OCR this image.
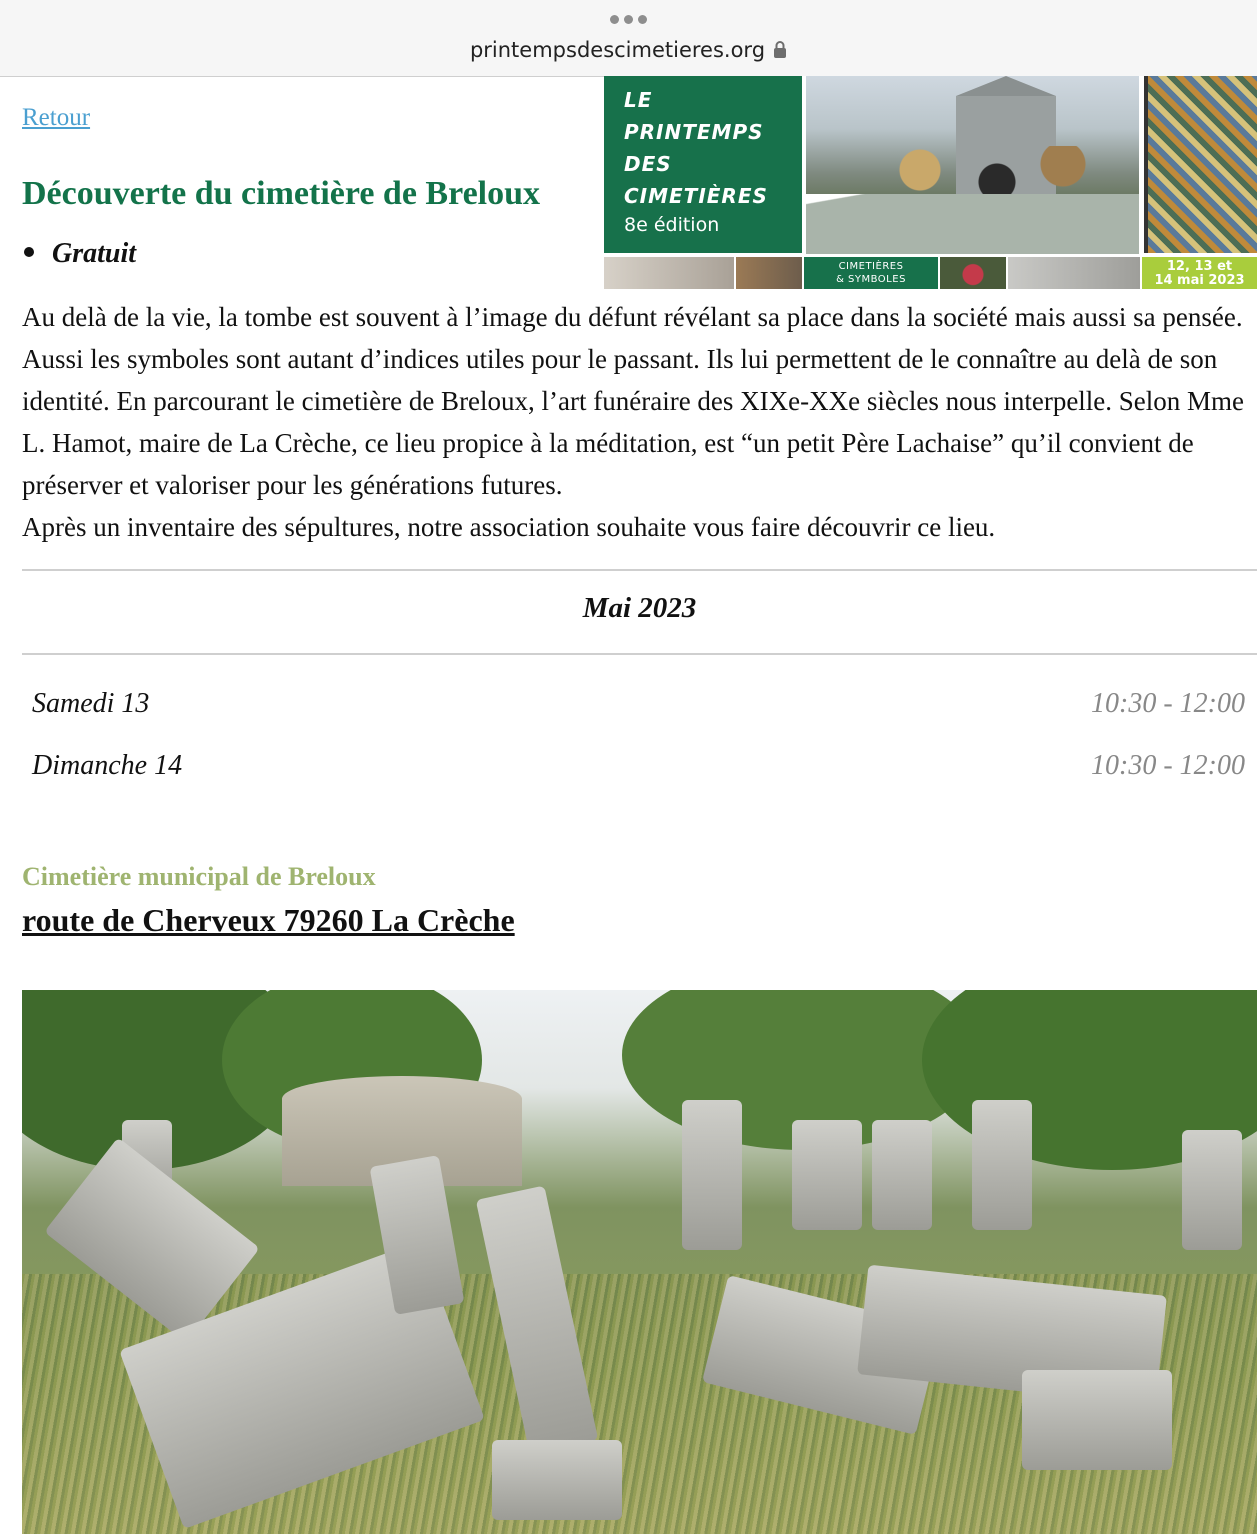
printempsdescimetieres.org
Retour
Découverte du cimetière de Breloux
Gratuit
LE
PRINTEMPS
DES
CIMETIÈRES
8e édition
CIMETIÈRES
& SYMBOLES
12, 13 et
14 mai 2023

Au delà de la vie, la tombe est souvent à l’image du défunt révélant sa place dans la société mais aussi sa pensée. Aussi les symboles sont autant d’indices utiles pour le passant. Ils lui permettent de le connaître au delà de son identité. En parcourant le cimetière de Breloux, l’art funéraire des XIXe-XXe siècles nous interpelle. Selon Mme L. Hamot, maire de La Crèche, ce lieu propice à la méditation, est “un petit Père Lachaise” qu’il convient de préserver et valoriser pour les générations futures.
Après un inventaire des sépultures, notre association souhaite vous faire découvrir ce lieu.

Mai 2023
Samedi 13	10:30 - 12:00
Dimanche 14	10:30 - 12:00
Cimetière municipal de Breloux
route de Cherveux 79260 La Crèche
